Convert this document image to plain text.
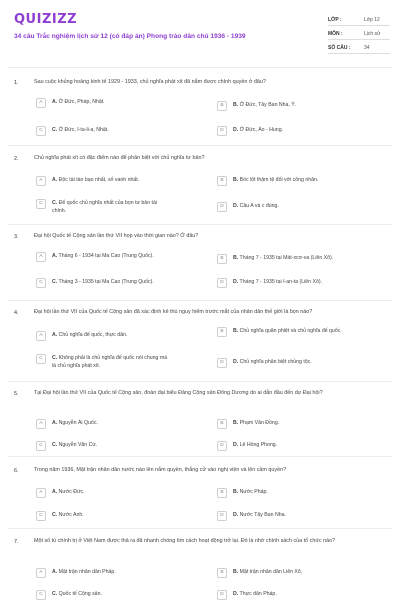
QUIZIZZ
34 câu Trắc nghiệm lịch sử 12 (có đáp án) Phong trào dân chủ 1936 - 1939
LỚP :	Lớp 12
MÔN :	Lịch sử
SỐ CÂU :	34
1.	Sau cuộc khủng hoảng kinh tế 1929 - 1933, chủ nghĩa phát xít đã nắm được chính quyền ở đâu?
A	A. Ở Đức, Pháp, Nhật.
B	B. Ở Đức, Tây Ban Nha, Ý.
C	C. Ở Đức, I-ta-li-a, Nhật.	D	D. Ở Đức, Áo - Hung.
2.	Chủ nghĩa phát xít có đặc điểm nào để phân biệt với chủ nghĩa tư bản?
A	A. Độc tài tàn bạo nhất, số vanh nhất.	B	B. Bóc lột thậm tệ đối với công nhân.
C	C. Để quốc chủ nghĩa nhất của bọn tư bản tài chính.
D	D. Câu A và c đúng.
3.	Đại hội Quốc tế Cộng sản lần thứ VII họp vào thời gian nào? Ở đâu?
A	A. Tháng 6 - 1934 tại Ma Cao (Trung Quốc).	B	B. Tháng 7 - 1935 tại Mát-xcơ-va (Liên Xô).
C	C. Tháng 3 - 1935 tại Ma Cao (Trung Quốc).	D	D. Tháng 7 - 1935 tại I-an-ta (Liên Xô).
4.	Đại hội lần thứ VII của Quốc tế Cộng sản đã xác định kẻ thù nguy hiểm trước mắt của nhân dân thế giới là bọn nào?
A	A. Chủ nghĩa đế quốc, thực dân.
B	B. Chủ nghĩa quân phiệt và chủ nghĩa đế quốc.
C	C. Không phải là chủ nghĩa đế quốc nói chung mà là chủ nghĩa phát xít.
D	D. Chủ nghĩa phân biệt chủng tộc.
5.	Tại Đại hội lần thứ VII của Quốc tế Cộng sản, đoàn đại biểu Đảng Cộng sản Đông Dương do ai dẫn đầu đến dự Đại hội?
A	A. Nguyễn Ái Quốc.	B	B. Phạm Văn Đồng.
C	C. Nguyễn Văn Cừ.	D	D. Lê Hồng Phong.
6.	Trong năm 1936, Mặt trận nhân dân nước nào lên nắm quyền, thắng cử vào nghị viện và lên cầm quyền?
A	A. Nước Đức.	B	B. Nước Pháp.
C	C. Nước Anh.	D	D. Nước Tây Ban Nha.
7.	Một số tù chính trị ở Việt Nam được thả ra đã nhanh chóng tìm cách hoạt động trở lại. Đó là nhờ chính sách của tổ chức nào?
A	A. Mặt trận nhân dân Pháp.	B	B. Mặt trận nhân dân Liên Xô.
C	C. Quốc tế Cộng sản.	D	D. Thực dân Pháp.
